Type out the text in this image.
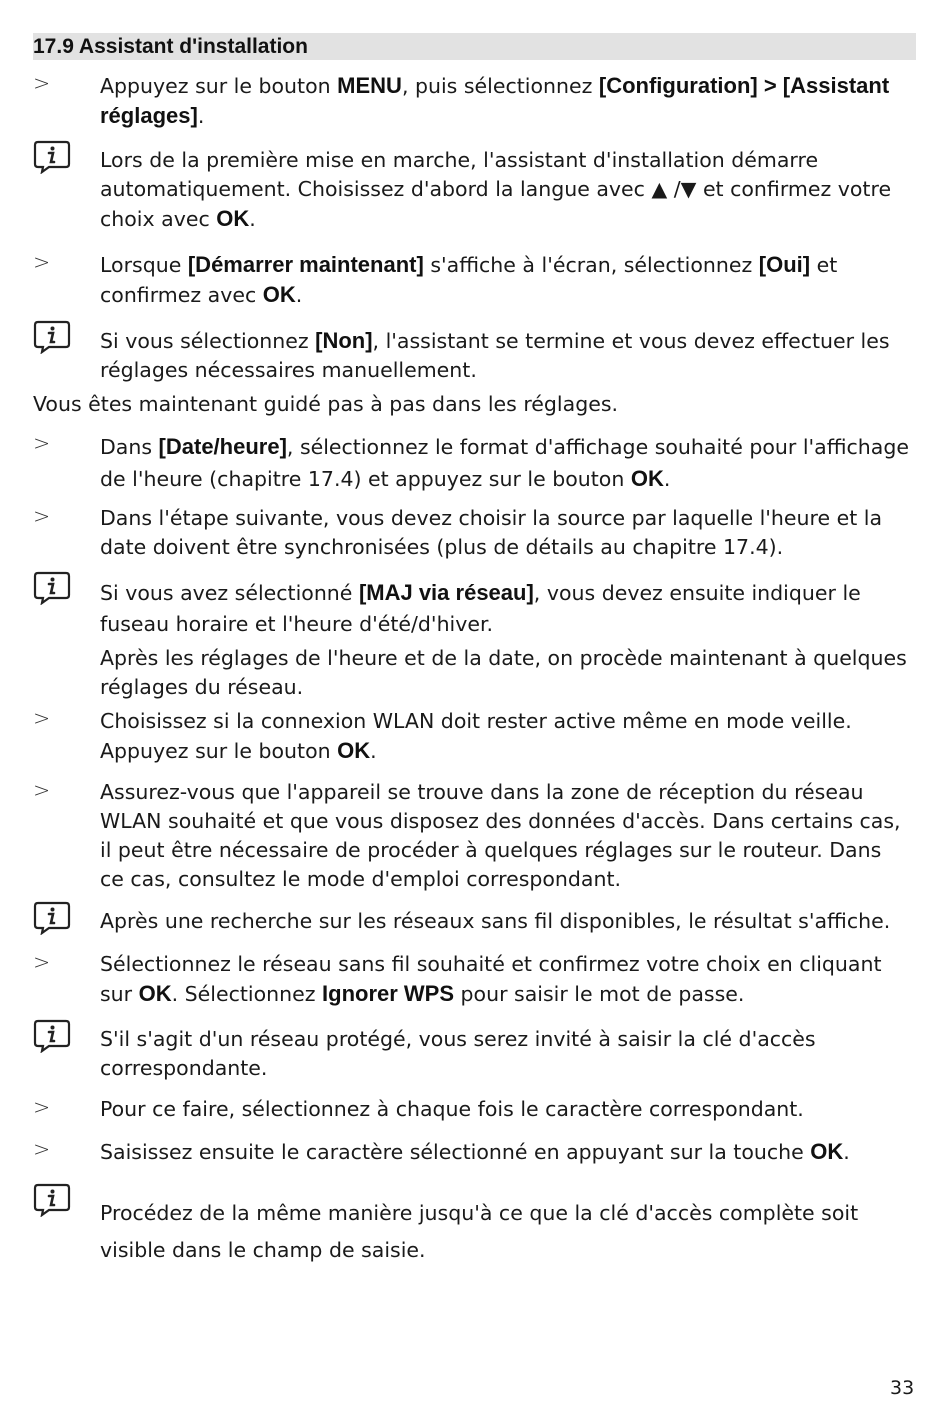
17.9 Assistant d'installation
> Appuyez sur le bouton MENU, puis sélectionnez [Configuration] > [Assistant
réglages].
Lors de la première mise en marche, l'assistant d'installation démarre
automatiquement. Choisissez d'abord la langue avec ▲ /▼ et confirmez votre
choix avec OK.
> Lorsque [Démarrer maintenant] s'affiche à l'écran, sélectionnez [Oui] et
confirmez avec OK.
Si vous sélectionnez [Non], l'assistant se termine et vous devez effectuer les
réglages nécessaires manuellement.
Vous êtes maintenant guidé pas à pas dans les réglages.
> Dans [Date/heure], sélectionnez le format d'affichage souhaité pour l'affichage
de l'heure (chapitre 17.4) et appuyez sur le bouton OK.
> Dans l'étape suivante, vous devez choisir la source par laquelle l'heure et la
date doivent être synchronisées (plus de détails au chapitre 17.4).
Si vous avez sélectionné [MAJ via réseau], vous devez ensuite indiquer le
fuseau horaire et l'heure d'été/d'hiver.
Après les réglages de l'heure et de la date, on procède maintenant à quelques
réglages du réseau.
> Choisissez si la connexion WLAN doit rester active même en mode veille.
Appuyez sur le bouton OK.
> Assurez-vous que l'appareil se trouve dans la zone de réception du réseau
WLAN souhaité et que vous disposez des données d'accès. Dans certains cas,
il peut être nécessaire de procéder à quelques réglages sur le routeur. Dans
ce cas, consultez le mode d'emploi correspondant.
Après une recherche sur les réseaux sans fil disponibles, le résultat s'affiche.
> Sélectionnez le réseau sans fil souhaité et confirmez votre choix en cliquant
sur OK. Sélectionnez Ignorer WPS pour saisir le mot de passe.
S'il s'agit d'un réseau protégé, vous serez invité à saisir la clé d'accès
correspondante.
> Pour ce faire, sélectionnez à chaque fois le caractère correspondant.
> Saisissez ensuite le caractère sélectionné en appuyant sur la touche OK.
Procédez de la même manière jusqu'à ce que la clé d'accès complète soit
visible dans le champ de saisie.
33
